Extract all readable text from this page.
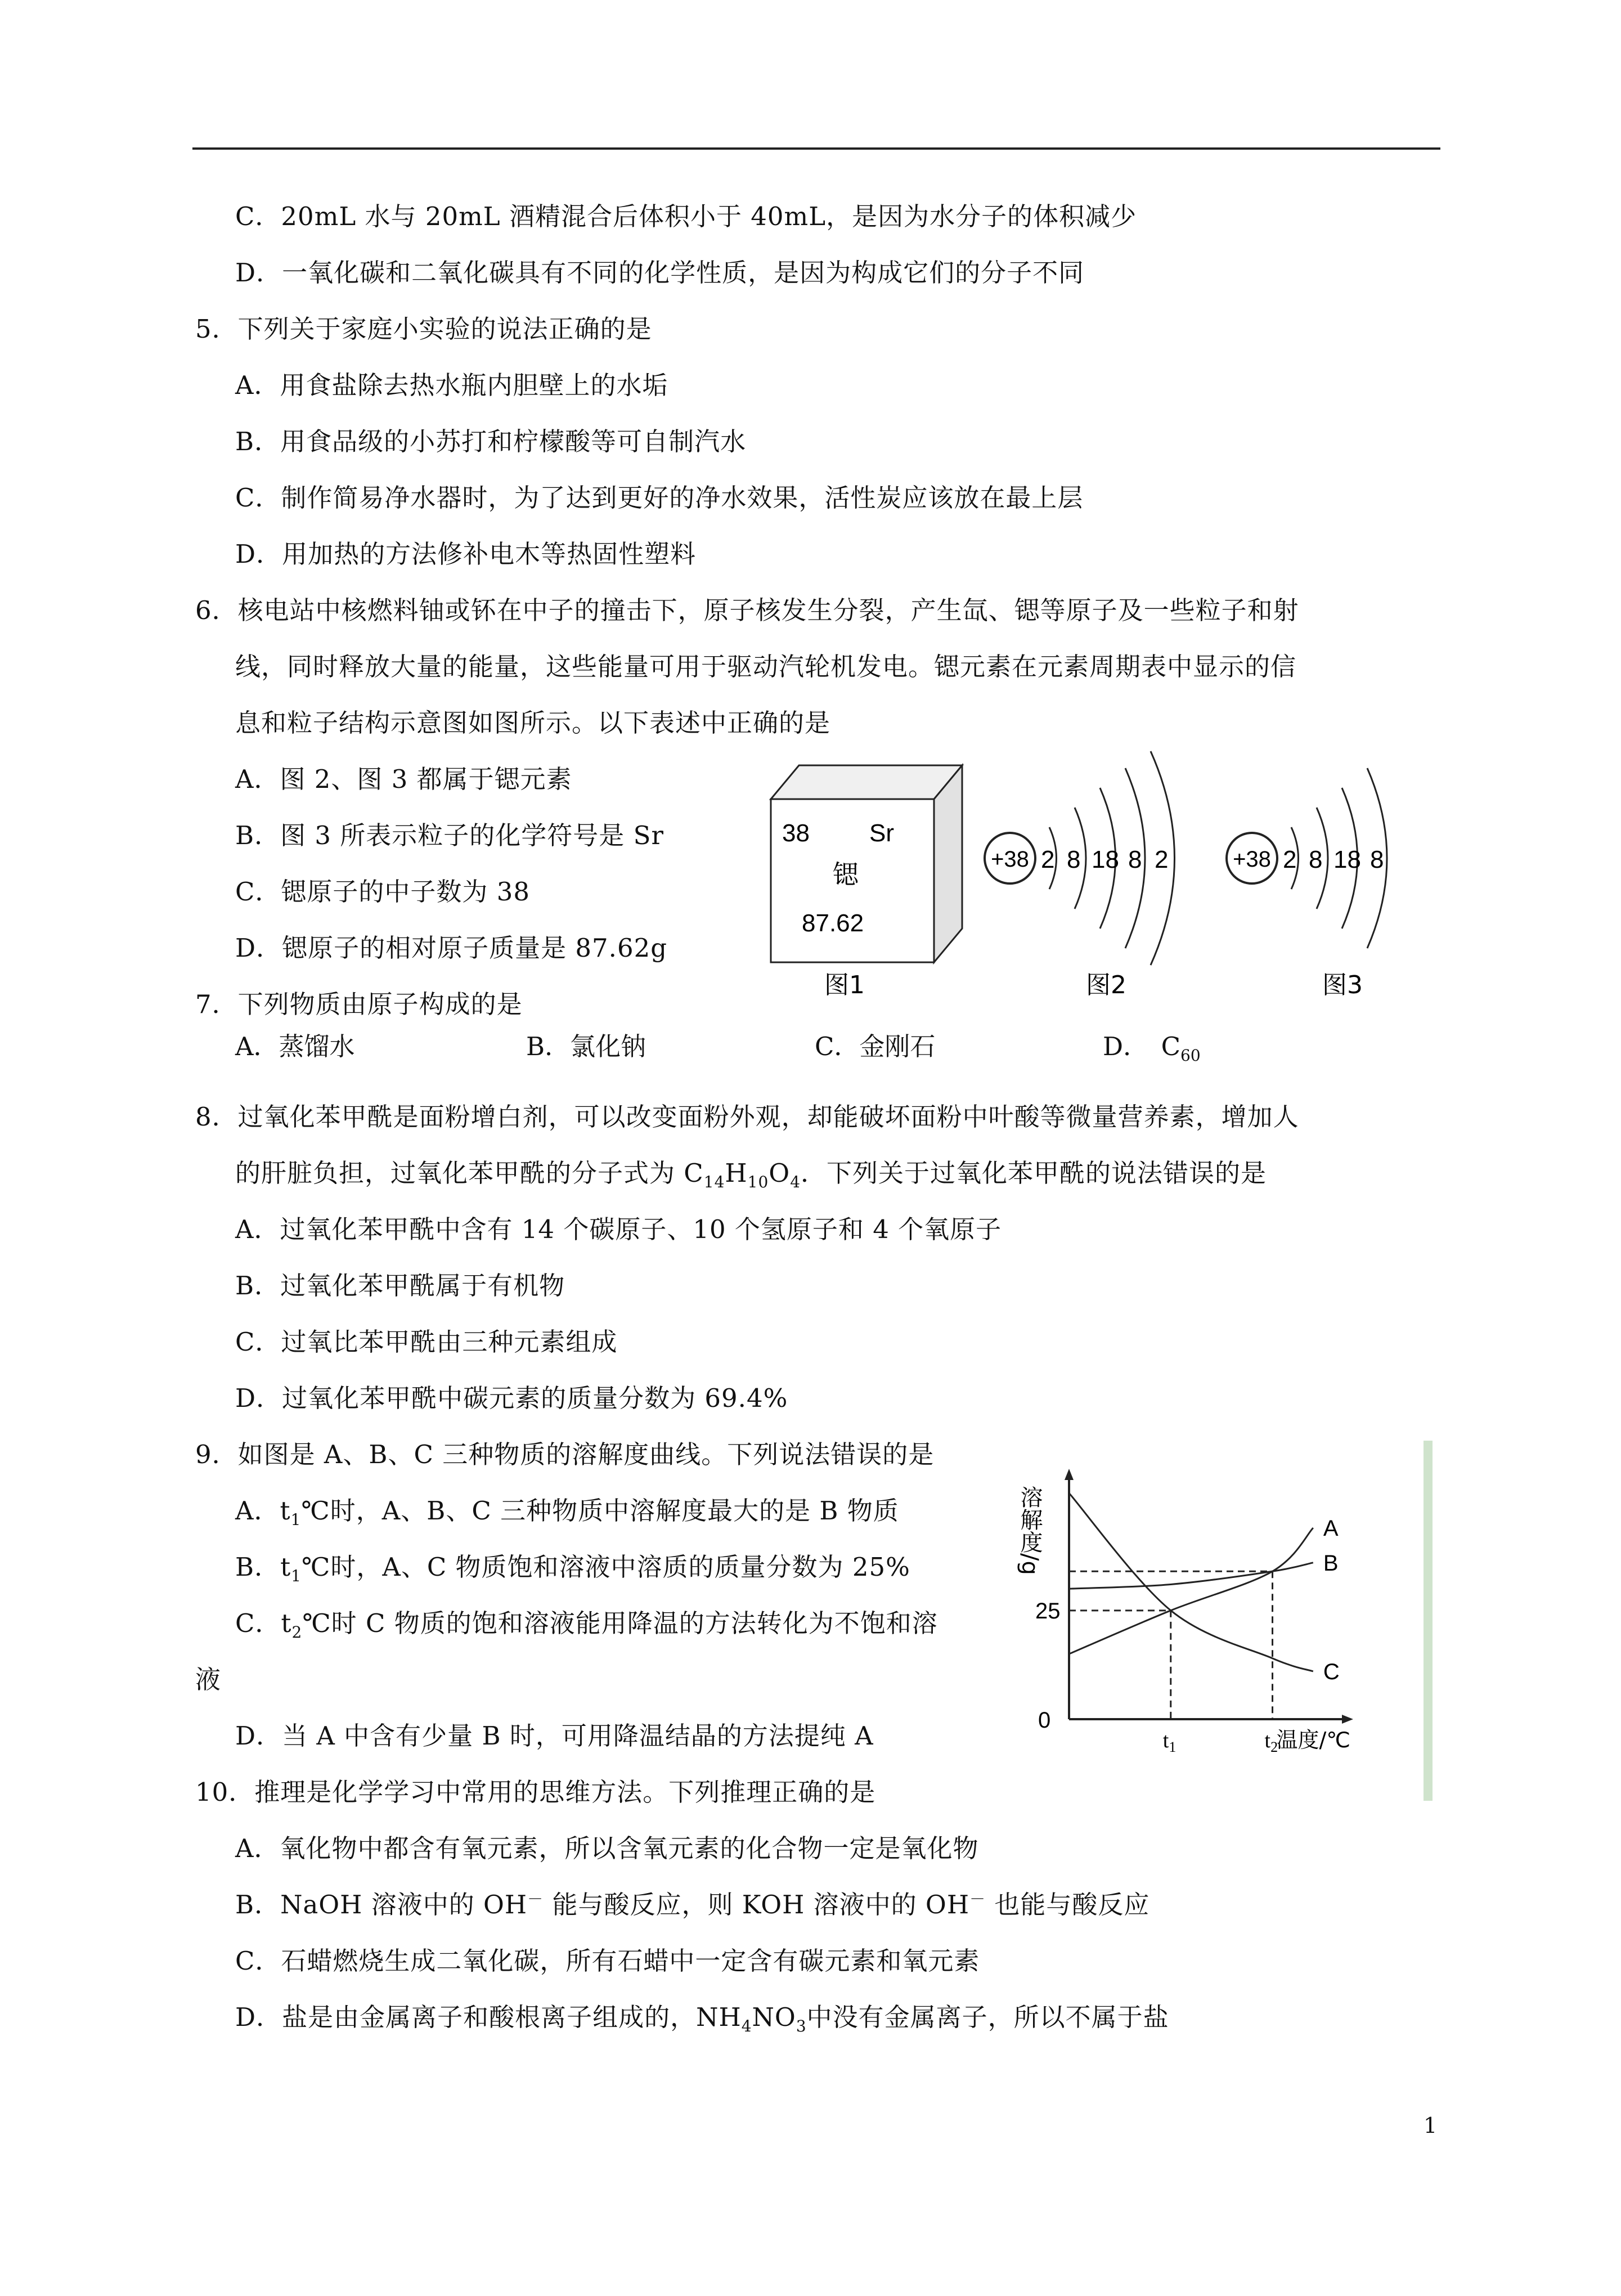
C．20mL 水与 20mL 酒精混合后体积小于 40mL，是因为水分子的体积减少
D．一氧化碳和二氧化碳具有不同的化学性质，是因为构成它们的分子不同
5．下列关于家庭小实验的说法正确的是
A．用食盐除去热水瓶内胆壁上的水垢
B．用食品级的小苏打和柠檬酸等可自制汽水
C．制作简易净水器时，为了达到更好的净水效果，活性炭应该放在最上层
D．用加热的方法修补电木等热固性塑料
6．核电站中核燃料铀或钚在中子的撞击下，原子核发生分裂，产生氙、锶等原子及一些粒子和射
线，同时释放大量的能量，这些能量可用于驱动汽轮机发电。锶元素在元素周期表中显示的信
息和粒子结构示意图如图所示。以下表述中正确的是
A．图 2、图 3 都属于锶元素
B．图 3 所表示粒子的化学符号是 Sr
C．锶原子的中子数为 38
D．锶原子的相对原子质量是 87.62g
38 Sr
锶
87.62
图1
+38 2 8 18 8 2
图2
+38 2 8 18 8
图3
7．下列物质由原子构成的是
A．蒸馏水	B．氯化钠	C．金刚石	D．　$C_{60}$
8．过氧化苯甲酰是面粉增白剂，可以改变面粉外观，却能破坏面粉中叶酸等微量营养素，增加人
的肝脏负担，过氧化苯甲酰的分子式为 $C_{14}H_{10}O_4$．下列关于过氧化苯甲酰的说法错误的是
A．过氧化苯甲酰中含有 14 个碳原子、10 个氢原子和 4 个氧原子
B．过氧化苯甲酰属于有机物
C．过氧比苯甲酰由三种元素组成
D．过氧化苯甲酰中碳元素的质量分数为 69.4%
9．如图是 A、B、C 三种物质的溶解度曲线。下列说法错误的是
A．$t_1℃$时，A、B、C 三种物质中溶解度最大的是 B 物质
B．$t_1℃$时，A、C 物质饱和溶液中溶质的质量分数为 25%
C．$t_2℃$时 C 物质的饱和溶液能用降温的方法转化为不饱和溶
液
D．当 A 中含有少量 B 时，可用降温结晶的方法提纯 A
溶解度/g
温度/℃
0
A
B
C
25
$t_1$	$t_2$
10．推理是化学学习中常用的思维方法。下列推理正确的是
A．氧化物中都含有氧元素，所以含氧元素的化合物一定是氧化物
B．NaOH 溶液中的 OH－ 能与酸反应，则 KOH 溶液中的 OH－ 也能与酸反应
C．石蜡燃烧生成二氧化碳，所有石蜡中一定含有碳元素和氧元素
D．盐是由金属离子和酸根离子组成的，$NH_4NO_3$中没有金属离子，所以不属于盐
1
